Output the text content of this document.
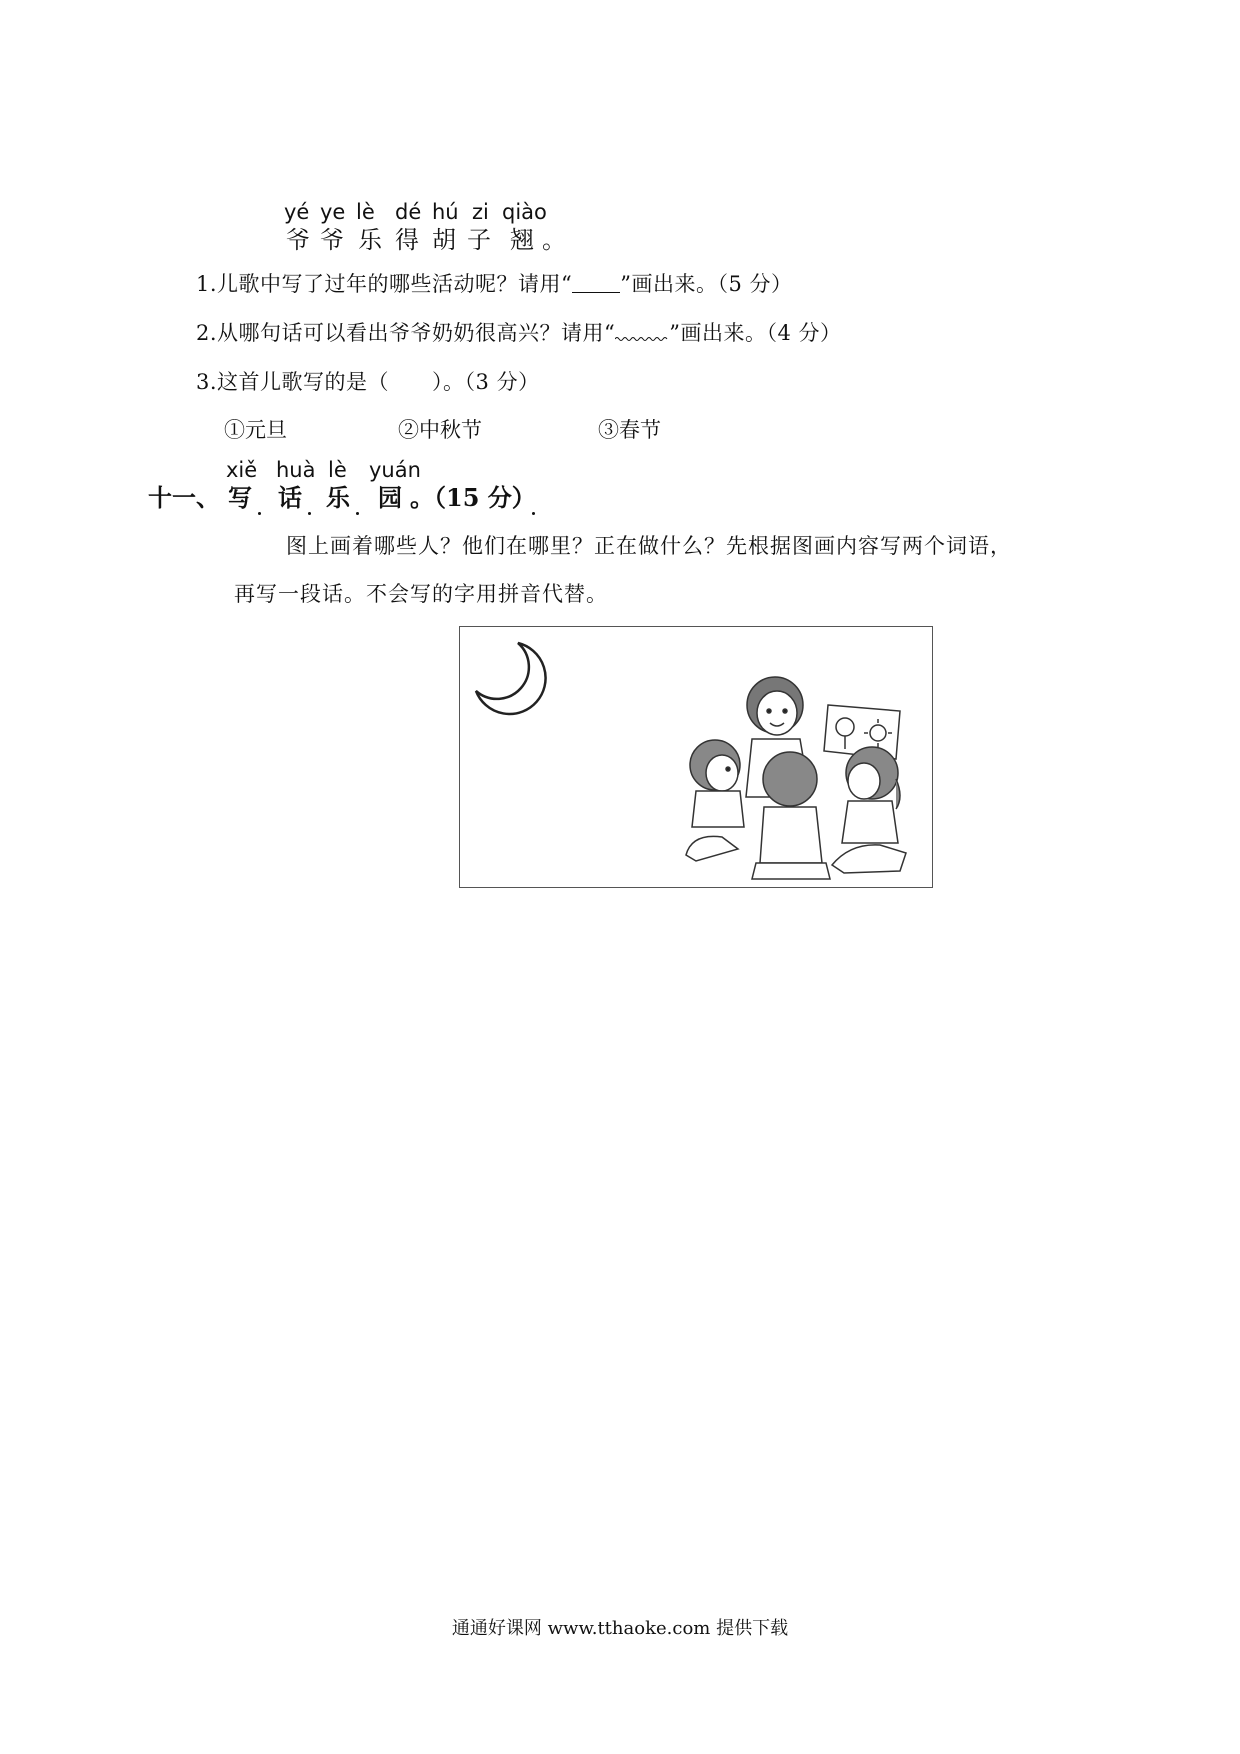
yé ye lè dé hú zi qiào
爷 爷 乐 得 胡 子 翘 。
1.儿歌中写了过年的哪些活动呢？请用“ ”画出来。（5 分）
2.从哪句话可以看出爷爷奶奶很高兴？请用“	”画出来。（4 分）
3.这首儿歌写的是（　　）。（3 分）
①元旦	②中秋节	③春节
xiě huà lè yuán
十一、 写 话 乐 园 。（15 分）
图上画着哪些人？他们在哪里？正在做什么？先根据图画内容写两个词语，
再写一段话。不会写的字用拼音代替。
通通好课网 www.tthaoke.com 提供下载
